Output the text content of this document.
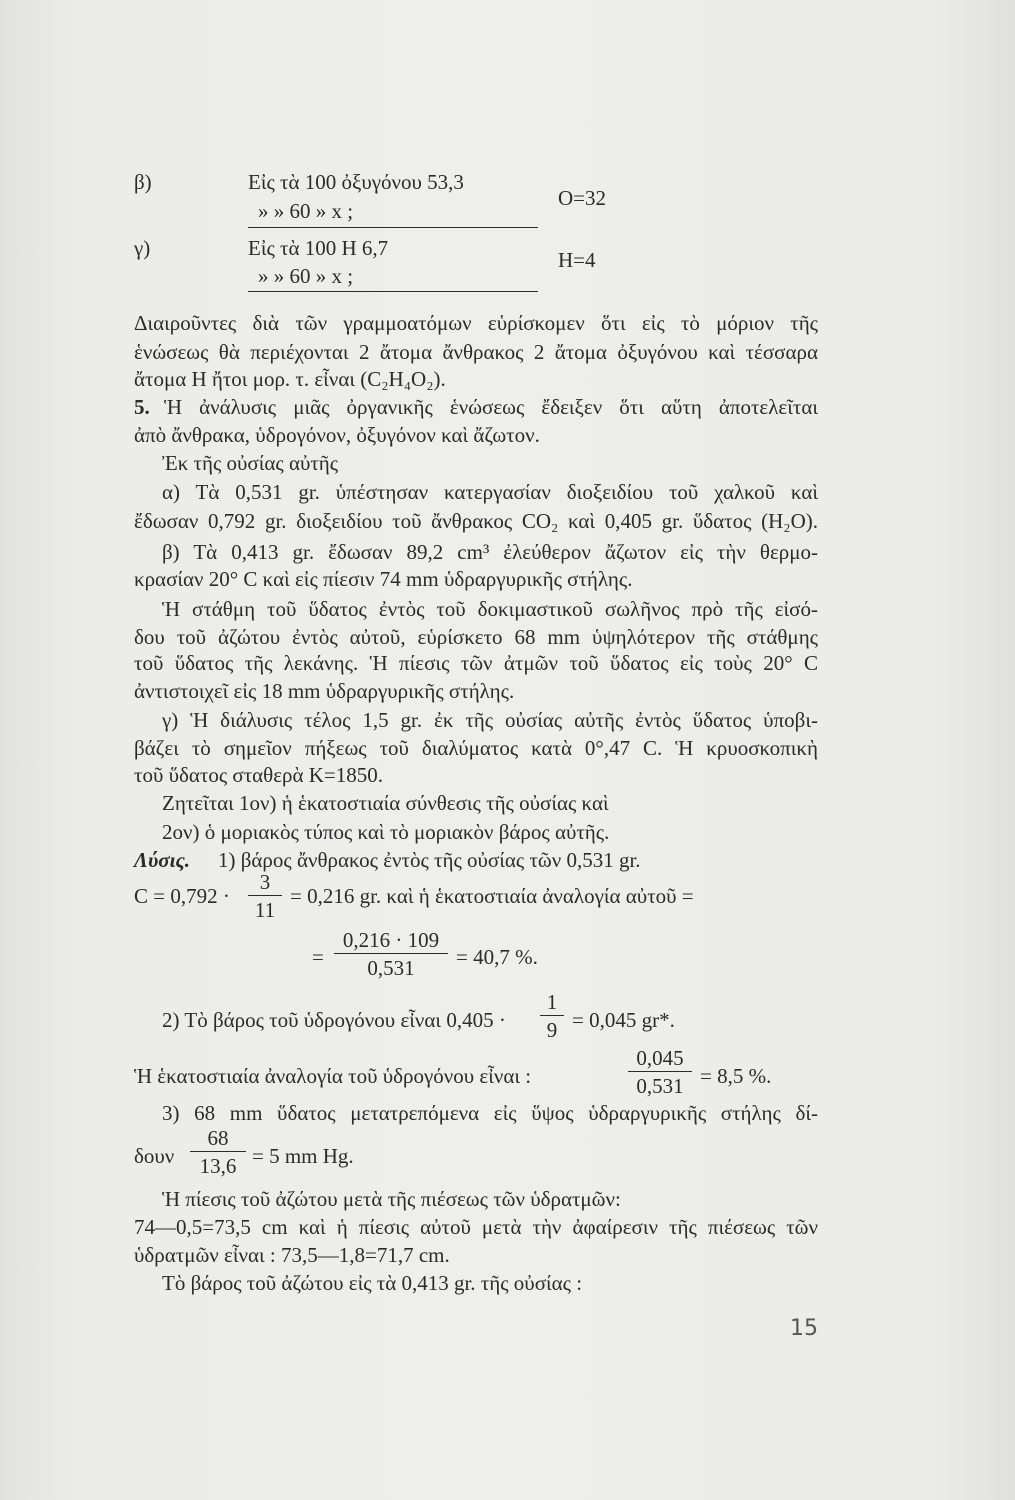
β)	Εἰς τὰ 100 ὀξυγόνου 53,3
» » 60 » x ;
O=32
γ)	Εἰς τὰ 100 H 6,7
» » 60 » x ;
H=4
Διαιροῦντες διὰ τῶν γραμμοατόμων εὑρίσκομεν ὅτι εἰς τὸ μόριον τῆς
ἑνώσεως θὰ περιέχονται 2 ἄτομα ἄνθρακος 2 ἄτομα ὀξυγόνου καὶ τέσσαρα
ἄτομα H ἤτοι μορ. τ. εἶναι (C₂H₄O₂).
5. Ἡ ἀνάλυσις μιᾶς ὀργανικῆς ἑνώσεως ἔδειξεν ὅτι αὕτη ἀποτελεῖται
ἀπὸ ἄνθρακα, ὑδρογόνον, ὀξυγόνον καὶ ἄζωτον.
Ἐκ τῆς οὐσίας αὐτῆς
α) Τὰ 0,531 gr. ὑπέστησαν κατεργασίαν διοξειδίου τοῦ χαλκοῦ καὶ
ἔδωσαν 0,792 gr. διοξειδίου τοῦ ἄνθρακος CO₂ καὶ 0,405 gr. ὕδατος (H₂O).
β) Τὰ 0,413 gr. ἔδωσαν 89,2 cm³ ἐλεύθερον ἄζωτον εἰς τὴν θερμο-
κρασίαν 20° C καὶ εἰς πίεσιν 74 mm ὑδραργυρικῆς στήλης.
Ἡ στάθμη τοῦ ὕδατος ἐντὸς τοῦ δοκιμαστικοῦ σωλῆνος πρὸ τῆς εἰσό-
δου τοῦ ἀζώτου ἐντὸς αὐτοῦ, εὑρίσκετο 68 mm ὑψηλότερον τῆς στάθμης
τοῦ ὕδατος τῆς λεκάνης. Ἡ πίεσις τῶν ἀτμῶν τοῦ ὕδατος εἰς τοὺς 20° C
ἀντιστοιχεῖ εἰς 18 mm ὑδραργυρικῆς στήλης.
γ) Ἡ διάλυσις τέλος 1,5 gr. ἐκ τῆς οὐσίας αὐτῆς ἐντὸς ὕδατος ὑποβι-
βάζει τὸ σημεῖον πήξεως τοῦ διαλύματος κατὰ 0°,47 C. Ἡ κρυοσκοπικὴ
τοῦ ὕδατος σταθερὰ K=1850.
Ζητεῖται 1ον) ἡ ἑκατοστιαία σύνθεσις τῆς οὐσίας καὶ
2ον) ὁ μοριακὸς τύπος καὶ τὸ μοριακὸν βάρος αὐτῆς.
Λύσις. 1) βάρος ἄνθρακος ἐντὸς τῆς οὐσίας τῶν 0,531 gr.
C = 0,792 ·
3
11
= 0,216 gr. καὶ ἡ ἑκατοστιαία ἀναλογία αὐτοῦ =
=
0,216 · 109
0,531	= 40,7 %.
2) Τὸ βάρος τοῦ ὑδρογόνου εἶναι 0,405 ·
1
9 = 0,045 gr*.
Ἡ ἑκατοστιαία ἀναλογία τοῦ ὑδρογόνου εἶναι :
0,045
0,531 = 8,5 %.
3) 68 mm ὕδατος μετατρεπόμενα εἰς ὕψος ὑδραργυρικῆς στήλης δί-
δουν
68
13,6 = 5 mm Hg.
Ἡ πίεσις τοῦ ἀζώτου μετὰ τῆς πιέσεως τῶν ὑδρατμῶν:
74—0,5=73,5 cm καὶ ἡ πίεσις αὐτοῦ μετὰ τὴν ἀφαίρεσιν τῆς πιέσεως τῶν
ὑδρατμῶν εἶναι : 73,5—1,8=71,7 cm.
Τὸ βάρος τοῦ ἀζώτου εἰς τὰ 0,413 gr. τῆς οὐσίας :
15
